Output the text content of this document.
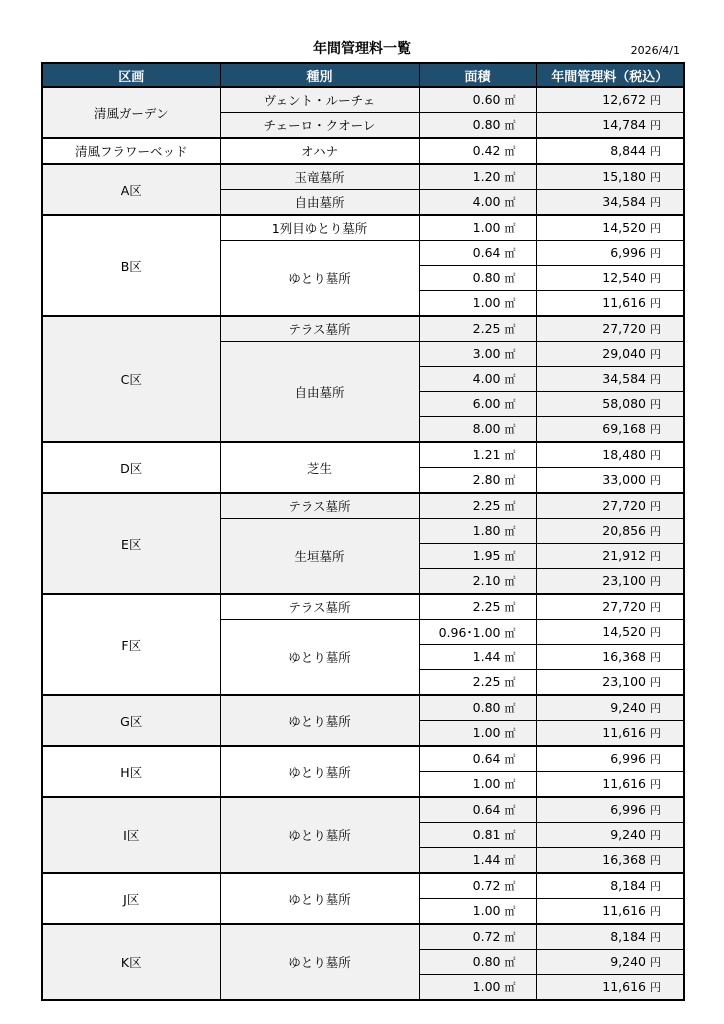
年間管理料一覧	2026/4/1
区画	種別	面積	年間管理料（税込）
清風ガーデン	ヴェント・ルーチェ	0.60 ㎡	12,672 円
	チェーロ・クオーレ	0.80 ㎡	14,784 円
清風フラワーベッド	オハナ	0.42 ㎡	8,844 円
A区	玉竜墓所	1.20 ㎡	15,180 円
	自由墓所	4.00 ㎡	34,584 円
B区	1列目ゆとり墓所	1.00 ㎡	14,520 円
	ゆとり墓所	0.64 ㎡	6,996 円
		0.80 ㎡	12,540 円
		1.00 ㎡	11,616 円
C区	テラス墓所	2.25 ㎡	27,720 円
	自由墓所	3.00 ㎡	29,040 円
		4.00 ㎡	34,584 円
		6.00 ㎡	58,080 円
		8.00 ㎡	69,168 円
D区	芝生	1.21 ㎡	18,480 円
		2.80 ㎡	33,000 円
E区	テラス墓所	2.25 ㎡	27,720 円
	生垣墓所	1.80 ㎡	20,856 円
		1.95 ㎡	21,912 円
		2.10 ㎡	23,100 円
F区	テラス墓所	2.25 ㎡	27,720 円
	ゆとり墓所	0.96･1.00 ㎡	14,520 円
		1.44 ㎡	16,368 円
		2.25 ㎡	23,100 円
G区	ゆとり墓所	0.80 ㎡	9,240 円
		1.00 ㎡	11,616 円
H区	ゆとり墓所	0.64 ㎡	6,996 円
		1.00 ㎡	11,616 円
I区	ゆとり墓所	0.64 ㎡	6,996 円
		0.81 ㎡	9,240 円
		1.44 ㎡	16,368 円
J区	ゆとり墓所	0.72 ㎡	8,184 円
		1.00 ㎡	11,616 円
K区	ゆとり墓所	0.72 ㎡	8,184 円
		0.80 ㎡	9,240 円
		1.00 ㎡	11,616 円
